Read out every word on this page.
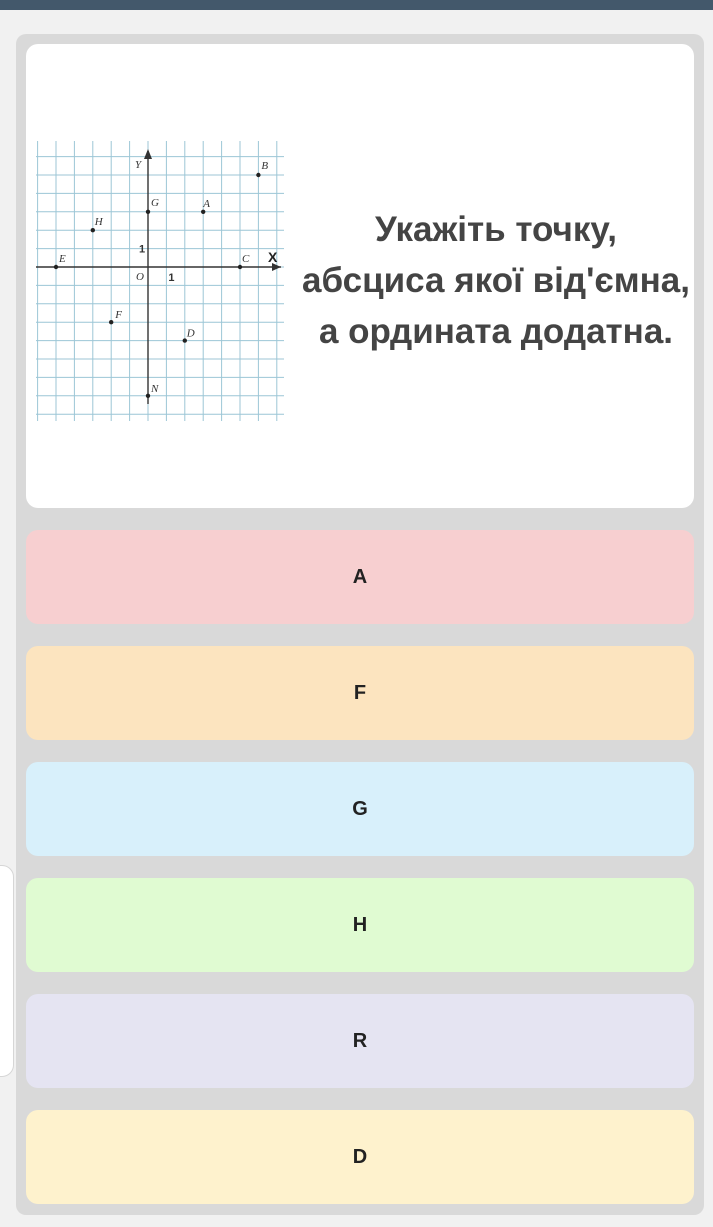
X
Y
O 1
1
B
G	A
H
E	C
F
D
N

Укажіть точку,
абсциса якої від'ємна,
а ордината додатна.

A
F
G
H
R
D
